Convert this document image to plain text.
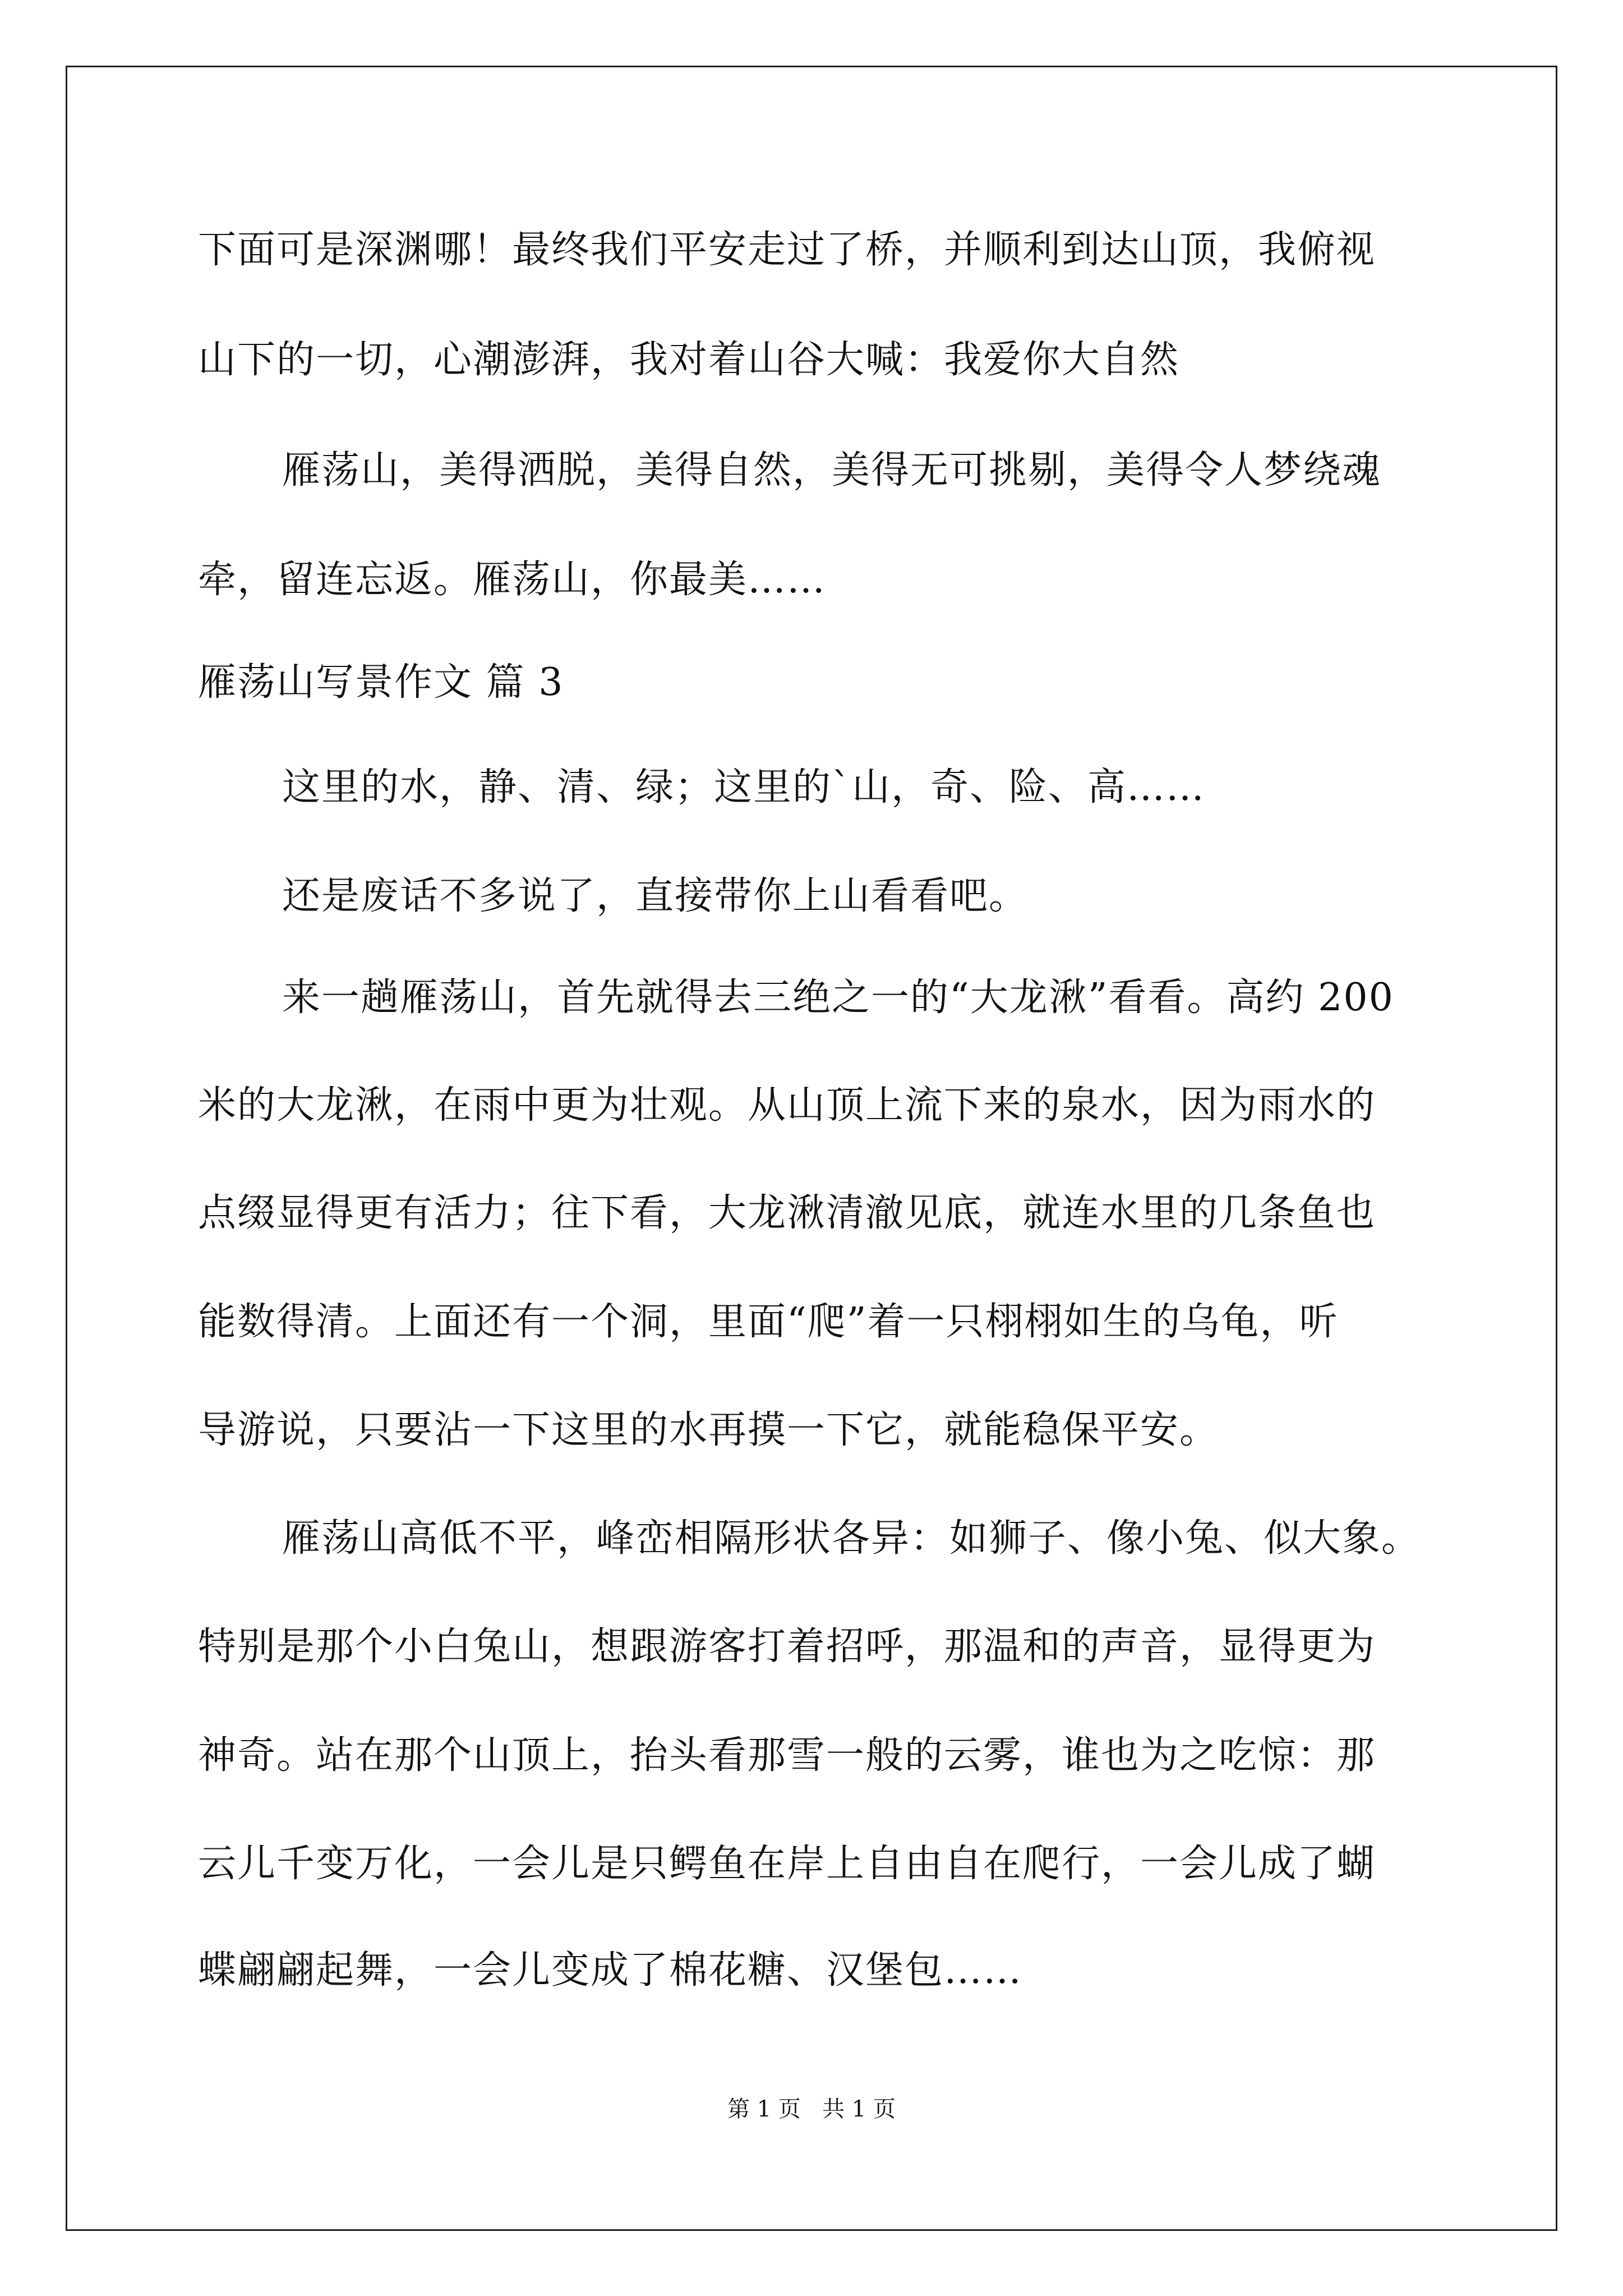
下面可是深渊哪！最终我们平安走过了桥，并顺利到达山顶，我俯视
山下的一切，心潮澎湃，我对着山谷大喊：我爱你大自然
雁荡山，美得洒脱，美得自然，美得无可挑剔，美得令人梦绕魂
牵，留连忘返。雁荡山，你最美……
雁荡山写景作文 篇 3
这里的水，静、清、绿；这里的`山，奇、险、高……
还是废话不多说了，直接带你上山看看吧。
来一趟雁荡山，首先就得去三绝之一的“大龙湫”看看。高约 200
米的大龙湫，在雨中更为壮观。从山顶上流下来的泉水，因为雨水的
点缀显得更有活力；往下看，大龙湫清澈见底，就连水里的几条鱼也
能数得清。上面还有一个洞，里面“爬”着一只栩栩如生的乌龟，听
导游说，只要沾一下这里的水再摸一下它，就能稳保平安。
雁荡山高低不平，峰峦相隔形状各异：如狮子、像小兔、似大象。
特别是那个小白兔山，想跟游客打着招呼，那温和的声音，显得更为
神奇。站在那个山顶上，抬头看那雪一般的云雾，谁也为之吃惊：那
云儿千变万化，一会儿是只鳄鱼在岸上自由自在爬行，一会儿成了蝴
蝶翩翩起舞，一会儿变成了棉花糖、汉堡包……
第 1 页   共 1 页
